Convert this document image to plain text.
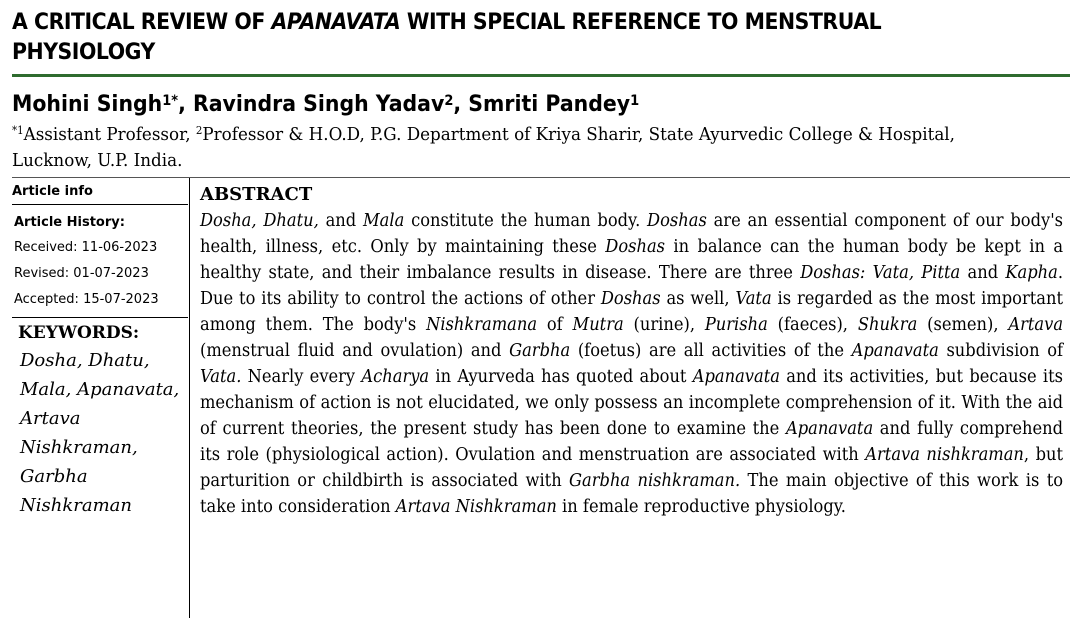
A CRITICAL REVIEW OF APANAVATA WITH SPECIAL REFERENCE TO MENSTRUAL PHYSIOLOGY
Mohini Singh$^{1*}$, Ravindra Singh Yadav$^2$, Smriti Pandey$^1$
$^{*1}$Assistant Professor, $^2$Professor & H.O.D, P.G. Department of Kriya Sharir, State Ayurvedic College & Hospital, Lucknow, U.P. India.
Article info
Article History:
Received: 11-06-2023
Revised: 01-07-2023
Accepted: 15-07-2023
KEYWORDS:
Dosha, Dhatu,
Mala, Apanavata,
Artava
Nishkraman,
Garbha
Nishkraman
ABSTRACT
Dosha, Dhatu, and Mala constitute the human body. Doshas are an essential component of our body's health, illness, etc. Only by maintaining these Doshas in balance can the human body be kept in a healthy state, and their imbalance results in disease. There are three Doshas: Vata, Pitta and Kapha. Due to its ability to control the actions of other Doshas as well, Vata is regarded as the most important among them. The body's Nishkramana of Mutra (urine), Purisha (faeces), Shukra (semen), Artava (menstrual fluid and ovulation) and Garbha (foetus) are all activities of the Apanavata subdivision of Vata. Nearly every Acharya in Ayurveda has quoted about Apanavata and its activities, but because its mechanism of action is not elucidated, we only possess an incomplete comprehension of it. With the aid of current theories, the present study has been done to examine the Apanavata and fully comprehend its role (physiological action). Ovulation and menstruation are associated with Artava nishkraman, but parturition or childbirth is associated with Garbha nishkraman. The main objective of this work is to take into consideration Artava Nishkraman in female reproductive physiology.
